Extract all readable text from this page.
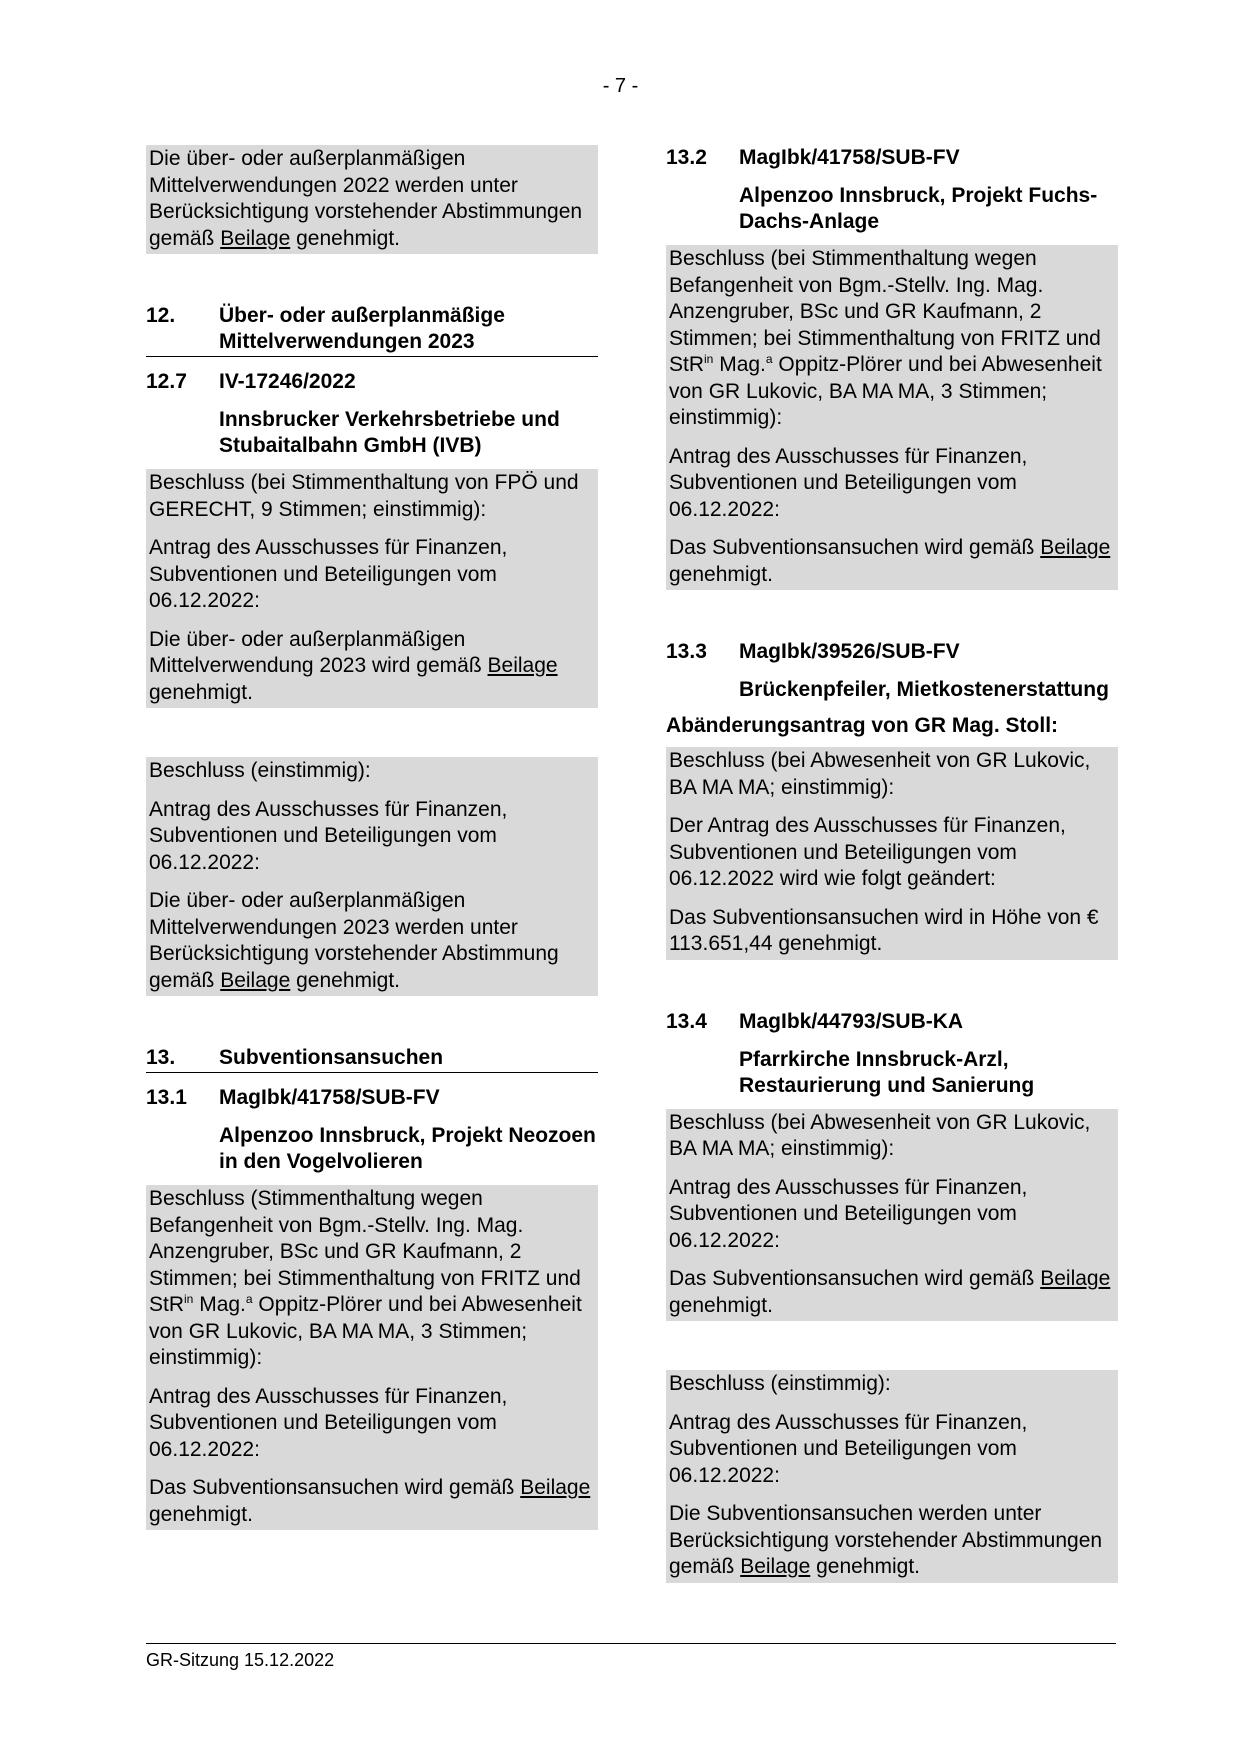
- 7 -

Die über- oder außerplanmäßigen Mittelverwendungen 2022 werden unter Berücksichtigung vorstehender Abstimmungen gemäß Beilage genehmigt.

12.	Über- oder außerplanmäßige Mittelverwendungen 2023
12.7	IV-17246/2022
Innsbrucker Verkehrsbetriebe und Stubaitalbahn GmbH (IVB)

Beschluss (bei Stimmenthaltung von FPÖ und GERECHT, 9 Stimmen; einstimmig):

Antrag des Ausschusses für Finanzen, Subventionen und Beteiligungen vom 06.12.2022:

Die über- oder außerplanmäßigen Mittelverwendung 2023 wird gemäß Beilage genehmigt.

Beschluss (einstimmig):

Antrag des Ausschusses für Finanzen, Subventionen und Beteiligungen vom 06.12.2022:

Die über- oder außerplanmäßigen Mittelverwendungen 2023 werden unter Berücksichtigung vorstehender Abstimmung gemäß Beilage genehmigt.

13.	Subventionsansuchen
13.1	MagIbk/41758/SUB-FV
Alpenzoo Innsbruck, Projekt Neozoen in den Vogelvolieren

Beschluss (Stimmenthaltung wegen Befangenheit von Bgm.-Stellv. Ing. Mag. Anzengruber, BSc und GR Kaufmann, 2 Stimmen; bei Stimmenthaltung von FRITZ und StR$^{in}$ Mag.$^a$ Oppitz-Plörer und bei Abwesenheit von GR Lukovic, BA MA MA, 3 Stimmen; einstimmig):

Antrag des Ausschusses für Finanzen, Subventionen und Beteiligungen vom 06.12.2022:

Das Subventionsansuchen wird gemäß Beilage genehmigt.

13.2	MagIbk/41758/SUB-FV
Alpenzoo Innsbruck, Projekt Fuchs-Dachs-Anlage

Beschluss (bei Stimmenthaltung wegen Befangenheit von Bgm.-Stellv. Ing. Mag. Anzengruber, BSc und GR Kaufmann, 2 Stimmen; bei Stimmenthaltung von FRITZ und StR$^{in}$ Mag.$^a$ Oppitz-Plörer und bei Abwesenheit von GR Lukovic, BA MA MA, 3 Stimmen; einstimmig):

Antrag des Ausschusses für Finanzen, Subventionen und Beteiligungen vom 06.12.2022:

Das Subventionsansuchen wird gemäß Beilage genehmigt.

13.3	MagIbk/39526/SUB-FV
Brückenpfeiler, Mietkostenerstattung
Abänderungsantrag von GR Mag. Stoll:

Beschluss (bei Abwesenheit von GR Lukovic, BA MA MA; einstimmig):

Der Antrag des Ausschusses für Finanzen, Subventionen und Beteiligungen vom 06.12.2022 wird wie folgt geändert:

Das Subventionsansuchen wird in Höhe von € 113.651,44 genehmigt.

13.4	MagIbk/44793/SUB-KA
Pfarrkirche Innsbruck-Arzl, Restaurierung und Sanierung

Beschluss (bei Abwesenheit von GR Lukovic, BA MA MA; einstimmig):

Antrag des Ausschusses für Finanzen, Subventionen und Beteiligungen vom 06.12.2022:

Das Subventionsansuchen wird gemäß Beilage genehmigt.

Beschluss (einstimmig):

Antrag des Ausschusses für Finanzen, Subventionen und Beteiligungen vom 06.12.2022:

Die Subventionsansuchen werden unter Berücksichtigung vorstehender Abstimmungen gemäß Beilage genehmigt.

GR-Sitzung 15.12.2022
